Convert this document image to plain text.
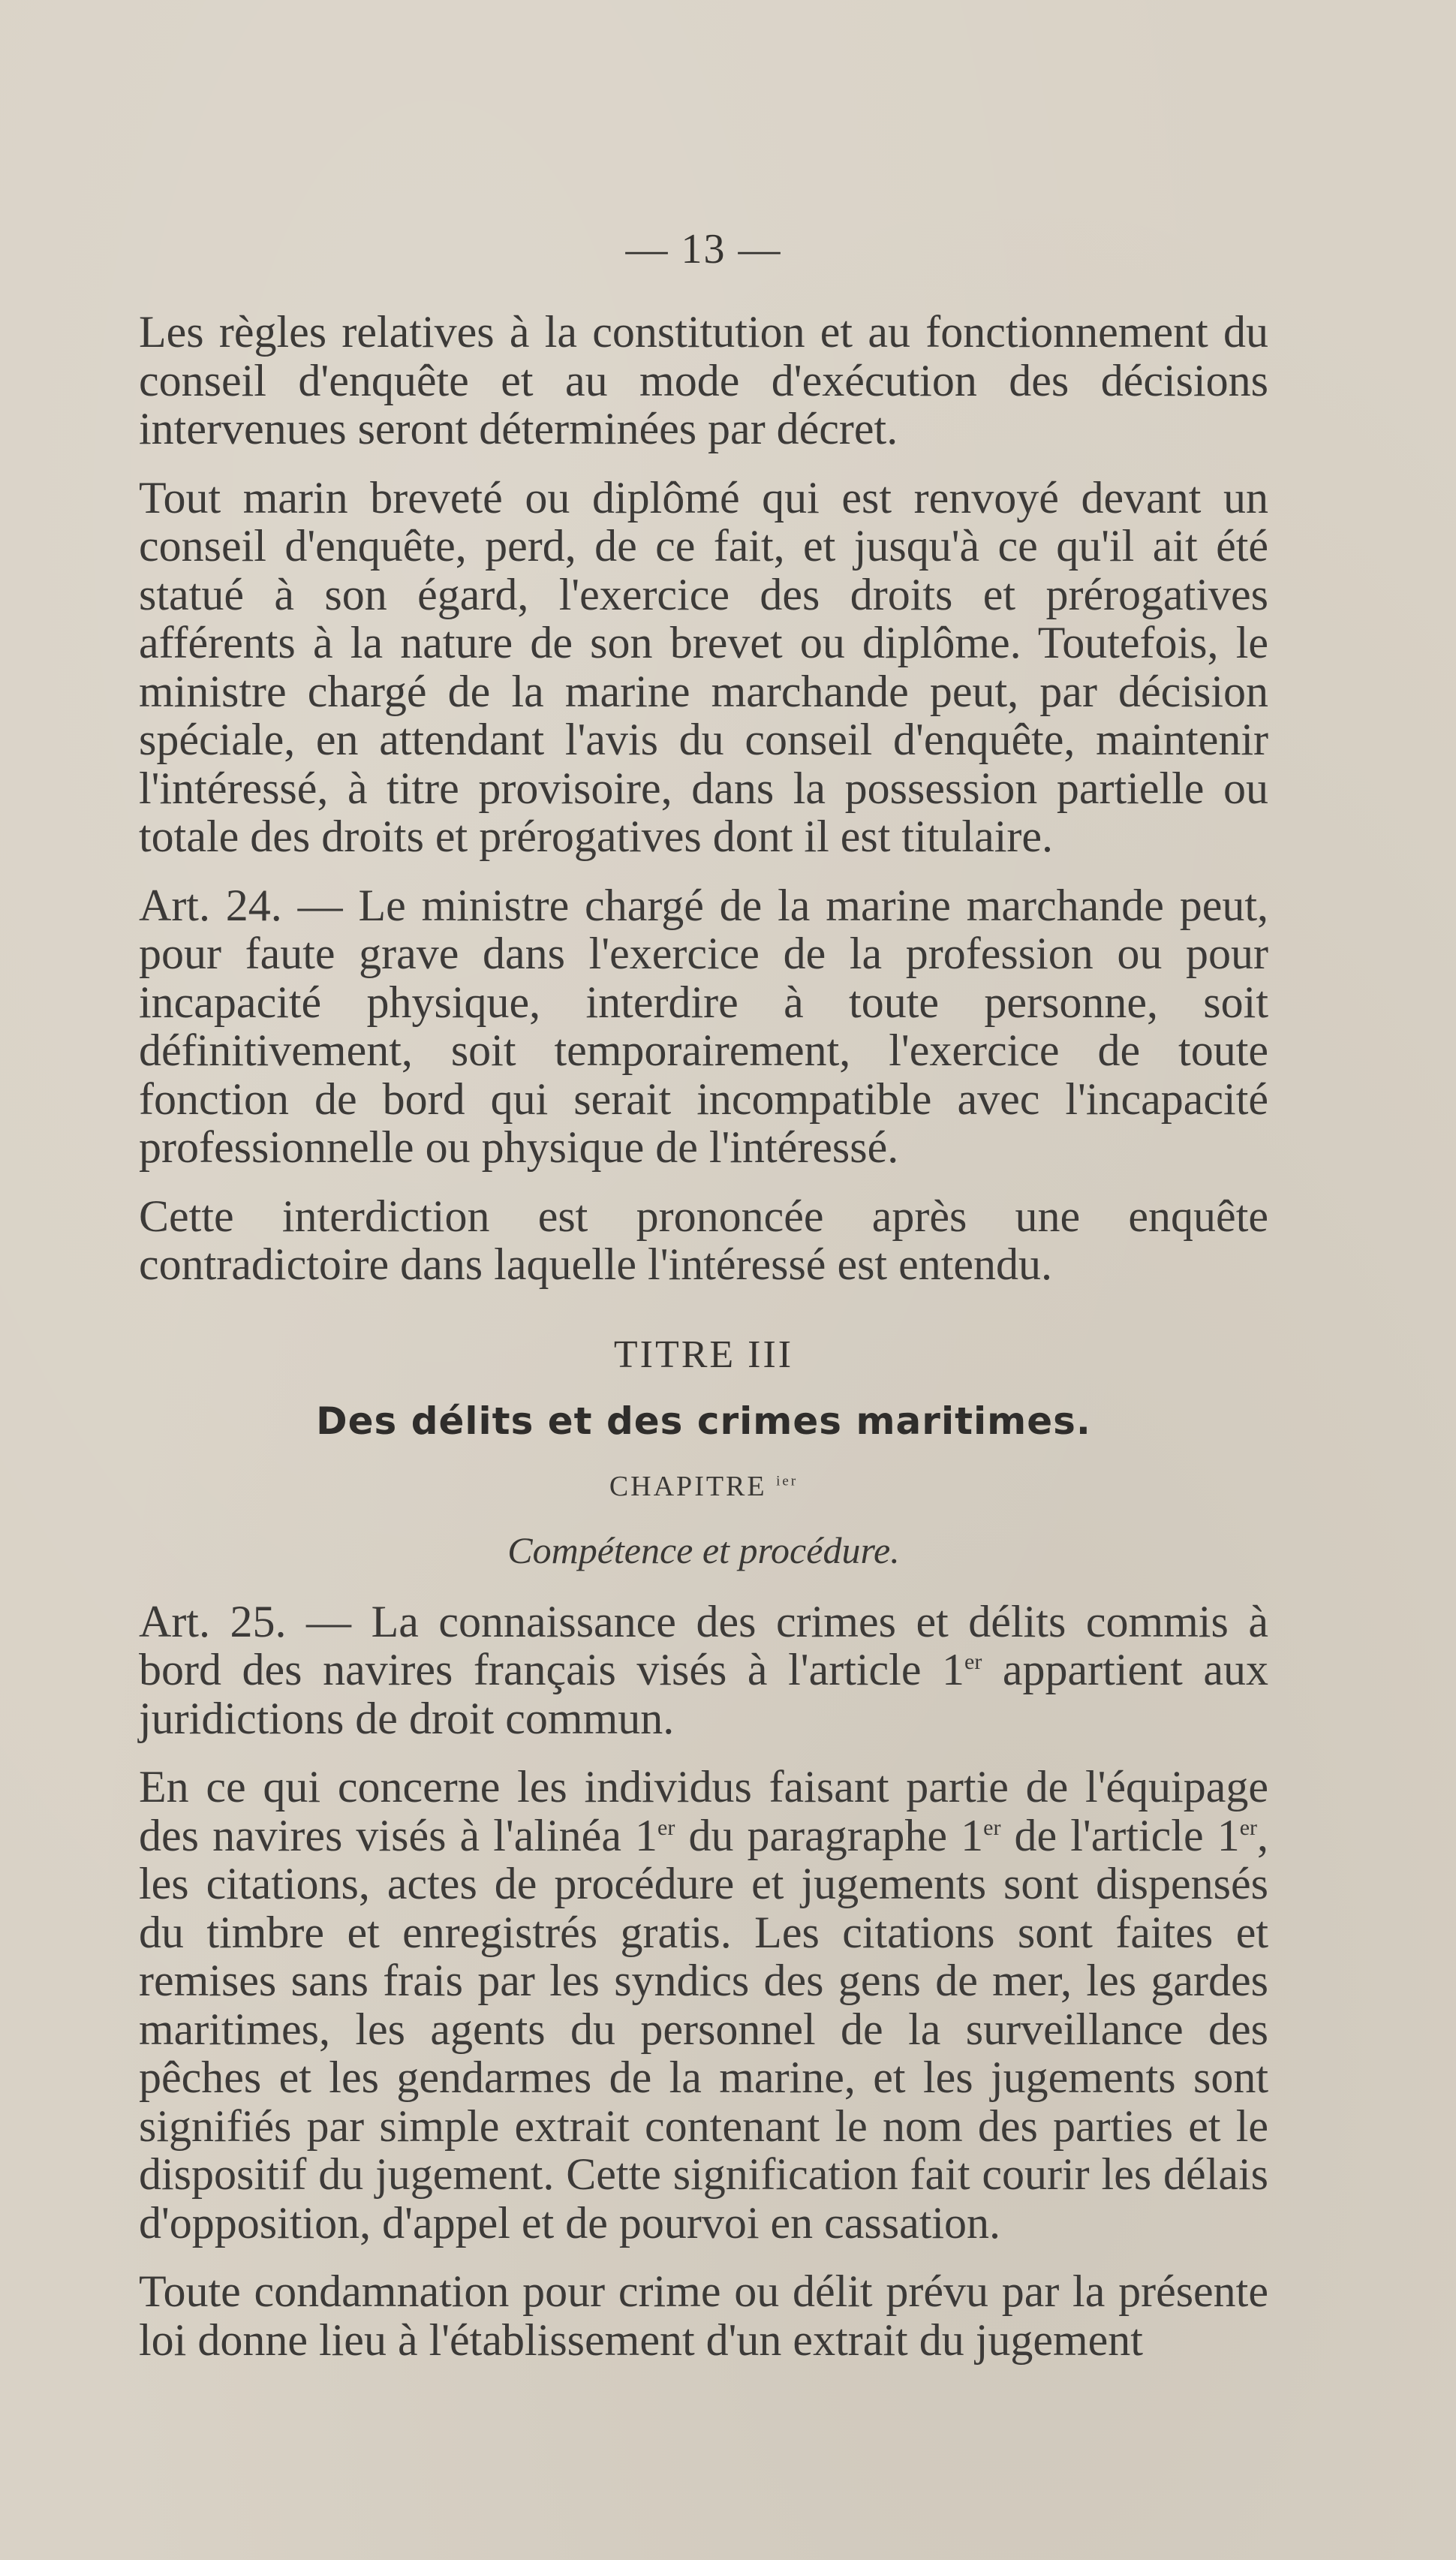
— 13 —

Les règles relatives à la constitution et au fonctionnement du conseil d'enquête et au mode d'exécution des décisions intervenues seront déterminées par décret.

Tout marin breveté ou diplômé qui est renvoyé devant un conseil d'enquête, perd, de ce fait, et jusqu'à ce qu'il ait été statué à son égard, l'exercice des droits et prérogatives afférents à la nature de son brevet ou diplôme. Toutefois, le ministre chargé de la marine marchande peut, par décision spéciale, en attendant l'avis du conseil d'enquête, maintenir l'intéressé, à titre provisoire, dans la possession partielle ou totale des droits et prérogatives dont il est titulaire.

Art. 24. — Le ministre chargé de la marine marchande peut, pour faute grave dans l'exercice de la profession ou pour incapacité physique, interdire à toute personne, soit définitivement, soit temporairement, l'exercice de toute fonction de bord qui serait incompatible avec l'incapacité professionnelle ou physique de l'intéressé.

Cette interdiction est prononcée après une enquête contradictoire dans laquelle l'intéressé est entendu.

TITRE III
Des délits et des crimes maritimes.
CHAPITRE $^{ier}$
Compétence et procédure.

Art. 25. — La connaissance des crimes et délits commis à bord des navires français visés à l'article 1er appartient aux juridictions de droit commun.

En ce qui concerne les individus faisant partie de l'équipage des navires visés à l'alinéa 1er du paragraphe 1er de l'article 1er, les citations, actes de procédure et jugements sont dispensés du timbre et enregistrés gratis. Les citations sont faites et remises sans frais par les syndics des gens de mer, les gardes maritimes, les agents du personnel de la surveillance des pêches et les gendarmes de la marine, et les jugements sont signifiés par simple extrait contenant le nom des parties et le dispositif du jugement. Cette signification fait courir les délais d'opposition, d'appel et de pourvoi en cassation.

Toute condamnation pour crime ou délit prévu par la présente loi donne lieu à l'établissement d'un extrait du jugement
